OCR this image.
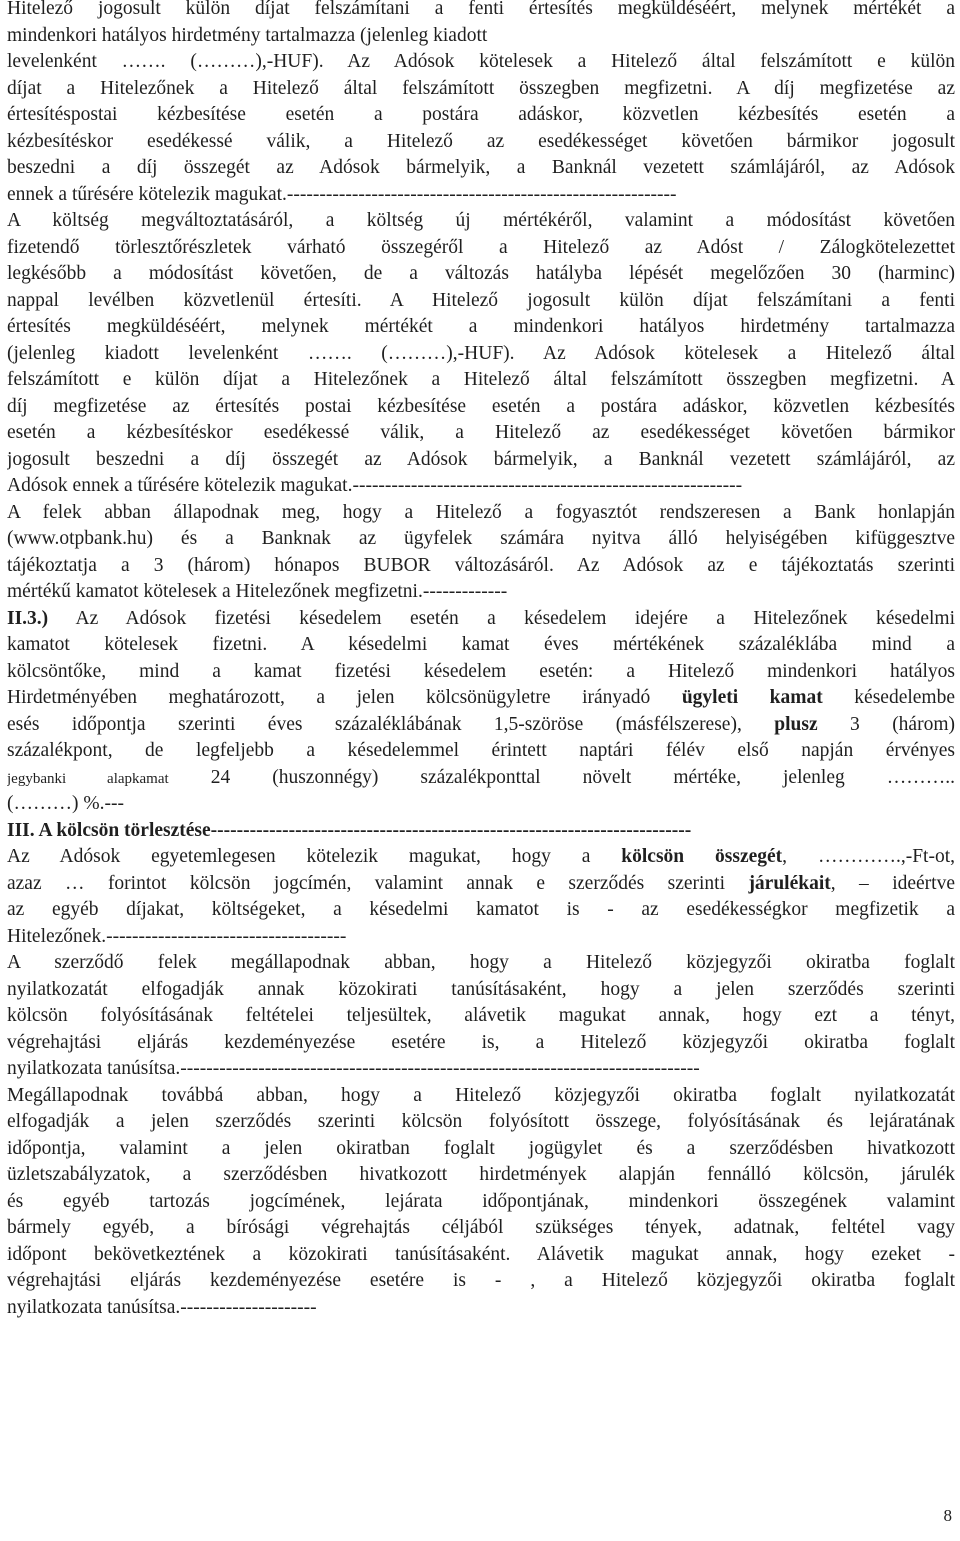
Hitelező jogosult külön díjat felszámítani a fenti értesítés megküldéséért, melynek mértékét a
mindenkori hatályos hirdetmény tartalmazza (jelenleg kiadott
levelenként ……. (………),-HUF). Az Adósok kötelesek a Hitelező által felszámított e külön
díjat a Hitelezőnek a Hitelező által felszámított összegben megfizetni. A díj megfizetése az
értesítéspostai kézbesítése esetén a postára adáskor, közvetlen kézbesítés esetén a
kézbesítéskor esedékessé válik, a Hitelező az esedékességet követően bármikor jogosult
beszedni a díj összegét az Adósok bármelyik, a Banknál vezetett számlájáról, az Adósok
ennek a tűrésére kötelezik magukat.------------------------------------------------------------
A költség megváltoztatásáról, a költség új mértékéről, valamint a módosítást követően
fizetendő törlesztőrészletek várható összegéről a Hitelező az Adóst / Zálogkötelezettet
legkésőbb a módosítást követően, de a változás hatályba lépését megelőzően 30 (harminc)
nappal levélben közvetlenül értesíti. A Hitelező jogosult külön díjat felszámítani a fenti
értesítés megküldéséért, melynek mértékét a mindenkori hatályos hirdetmény tartalmazza
(jelenleg kiadott levelenként ……. (………),-HUF). Az Adósok kötelesek a Hitelező által
felszámított e külön díjat a Hitelezőnek a Hitelező által felszámított összegben megfizetni. A
díj megfizetése az értesítés postai kézbesítése esetén a postára adáskor, közvetlen kézbesítés
esetén a kézbesítéskor esedékessé válik, a Hitelező az esedékességet követően bármikor
jogosult beszedni a díj összegét az Adósok bármelyik, a Banknál vezetett számlájáról, az
Adósok ennek a tűrésére kötelezik magukat.------------------------------------------------------------
A felek abban állapodnak meg, hogy a Hitelező a fogyasztót rendszeresen a Bank honlapján
(www.otpbank.hu) és a Banknak az ügyfelek számára nyitva álló helyiségében kifüggesztve
tájékoztatja a 3 (három) hónapos BUBOR változásáról. Az Adósok az e tájékoztatás szerinti
mértékű kamatot kötelesek a Hitelezőnek megfizetni.-------------
II.3.) Az Adósok fizetési késedelem esetén a késedelem idejére a Hitelezőnek késedelmi
kamatot kötelesek fizetni. A késedelmi kamat éves mértékének százaléklába mind a
kölcsöntőke, mind a kamat fizetési késedelem esetén: a Hitelező mindenkori hatályos
Hirdetményében meghatározott, a jelen kölcsönügyletre irányadó ügyleti kamat késedelembe
esés időpontja szerinti éves százaléklábának 1,5-szöröse (másfélszerese), plusz 3 (három)
százalékpont, de legfeljebb a késedelemmel érintett naptári félév első napján érvényes
jegybanki alapkamat 24 (huszonnégy) százalékponttal növelt mértéke, jelenleg ………..
(………) %.---
III. A kölcsön törlesztése--------------------------------------------------------------------------
Az Adósok egyetemlegesen kötelezik magukat, hogy a kölcsön összegét, ………….,-Ft-ot,
azaz … forintot kölcsön jogcímén, valamint annak e szerződés szerinti járulékait, – ideértve
az egyéb díjakat, költségeket, a késedelmi kamatot is - az esedékességkor megfizetik a
Hitelezőnek.-------------------------------------
A szerződő felek megállapodnak abban, hogy a Hitelező közjegyzői okiratba foglalt
nyilatkozatát elfogadják annak közokirati tanúsításaként, hogy a jelen szerződés szerinti
kölcsön folyósításának feltételei teljesültek, alávetik magukat annak, hogy ezt a tényt,
végrehajtási eljárás kezdeményezése esetére is, a Hitelező közjegyzői okiratba foglalt
nyilatkozata tanúsítsa.--------------------------------------------------------------------------------
Megállapodnak továbbá abban, hogy a Hitelező közjegyzői okiratba foglalt nyilatkozatát
elfogadják a jelen szerződés szerinti kölcsön folyósított összege, folyósításának és lejáratának
időpontja, valamint a jelen okiratban foglalt jogügylet és a szerződésben hivatkozott
üzletszabályzatok, a szerződésben hivatkozott hirdetmények alapján fennálló kölcsön, járulék
és egyéb tartozás jogcímének, lejárata időpontjának, mindenkori összegének valamint
bármely egyéb, a bírósági végrehajtás céljából szükséges tények, adatnak, feltétel vagy
időpont bekövetkeztének a közokirati tanúsításaként. Alávetik magukat annak, hogy ezeket -
végrehajtási eljárás kezdeményezése esetére is - , a Hitelező közjegyzői okiratba foglalt
nyilatkozata tanúsítsa.---------------------
8
